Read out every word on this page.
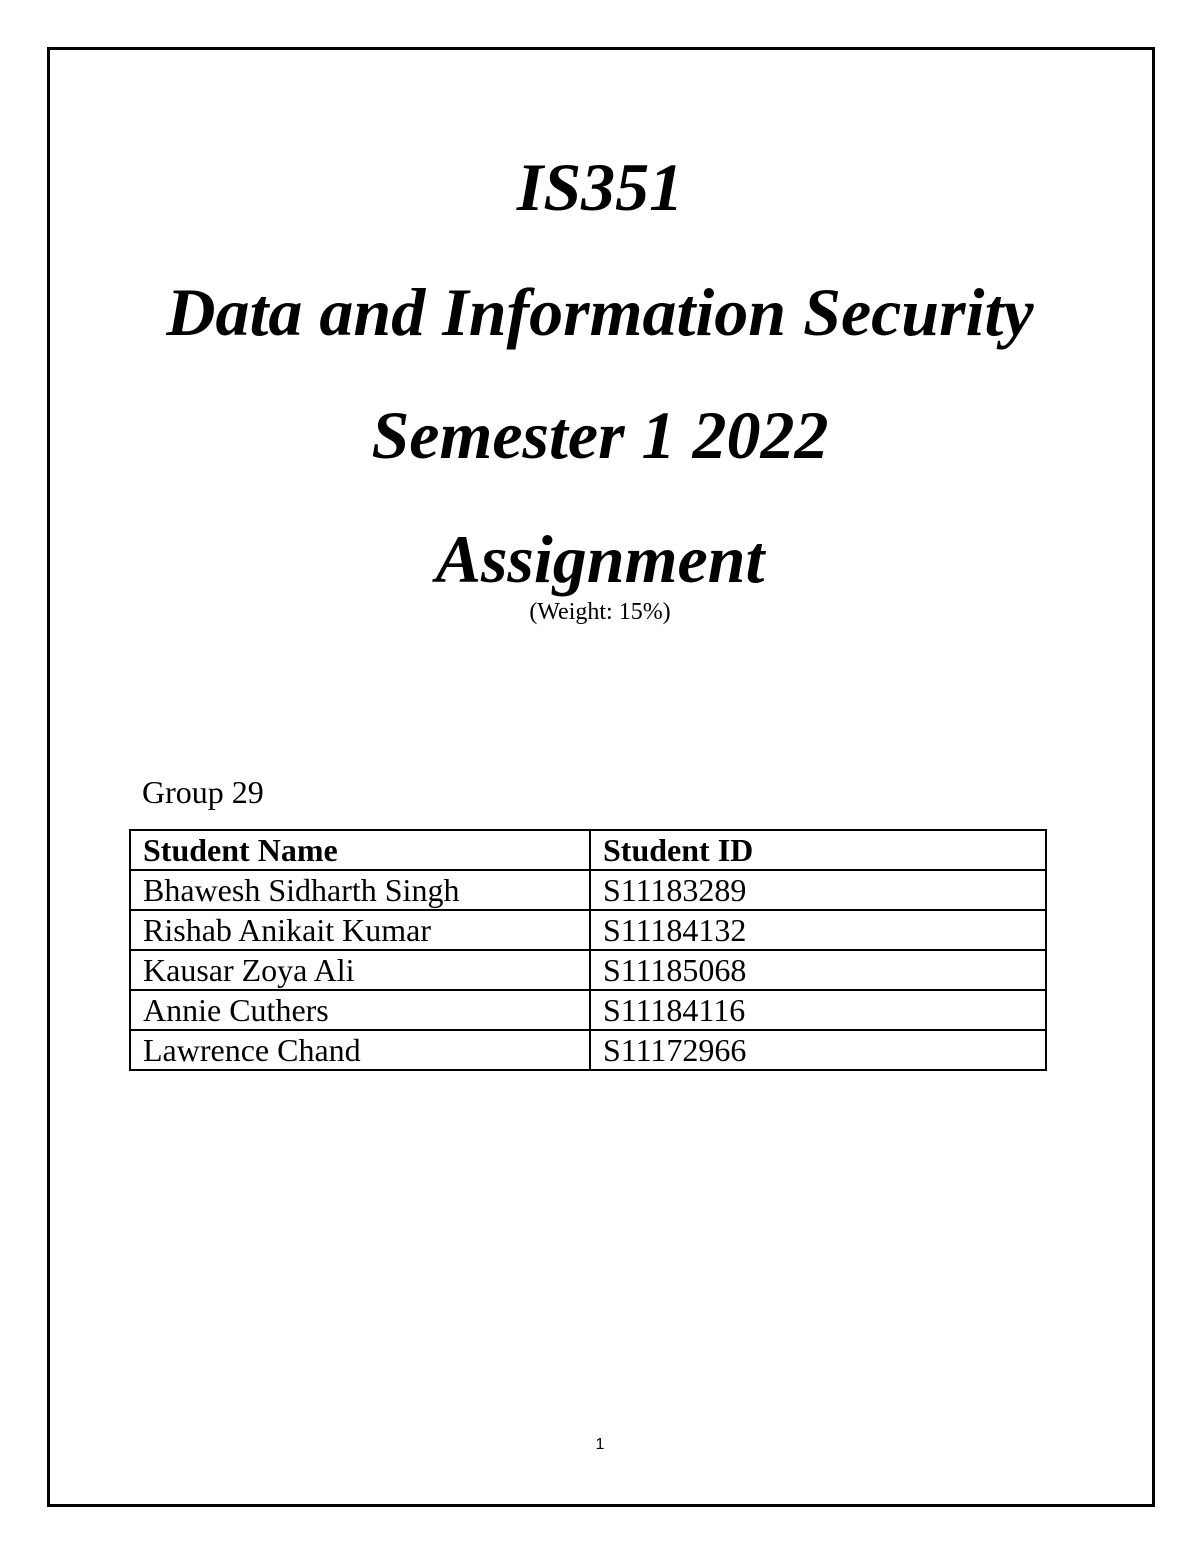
IS351
Data and Information Security
Semester 1 2022
Assignment
(Weight: 15%)
Group 29
Student Name	Student ID
Bhawesh Sidharth Singh	S11183289
Rishab Anikait Kumar	S11184132
Kausar Zoya Ali	S11185068
Annie Cuthers	S11184116
Lawrence Chand	S11172966
1
